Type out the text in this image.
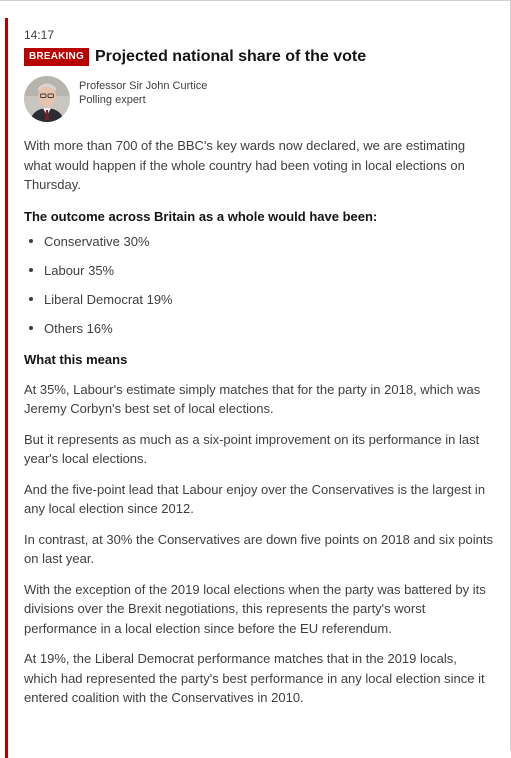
14:17
BREAKING Projected national share of the vote
Professor Sir John Curtice
Polling expert

With more than 700 of the BBC's key wards now declared, we are estimating what would happen if the whole country had been voting in local elections on Thursday.

The outcome across Britain as a whole would have been:
Conservative 30%
Labour 35%
Liberal Democrat 19%
Others 16%
What this means

At 35%, Labour's estimate simply matches that for the party in 2018, which was Jeremy Corbyn's best set of local elections.

But it represents as much as a six-point improvement on its performance in last year's local elections.

And the five-point lead that Labour enjoy over the Conservatives is the largest in any local election since 2012.

In contrast, at 30% the Conservatives are down five points on 2018 and six points on last year.

With the exception of the 2019 local elections when the party was battered by its divisions over the Brexit negotiations, this represents the party's worst performance in a local election since before the EU referendum.

At 19%, the Liberal Democrat performance matches that in the 2019 locals, which had represented the party's best performance in any local election since it entered coalition with the Conservatives in 2010.
